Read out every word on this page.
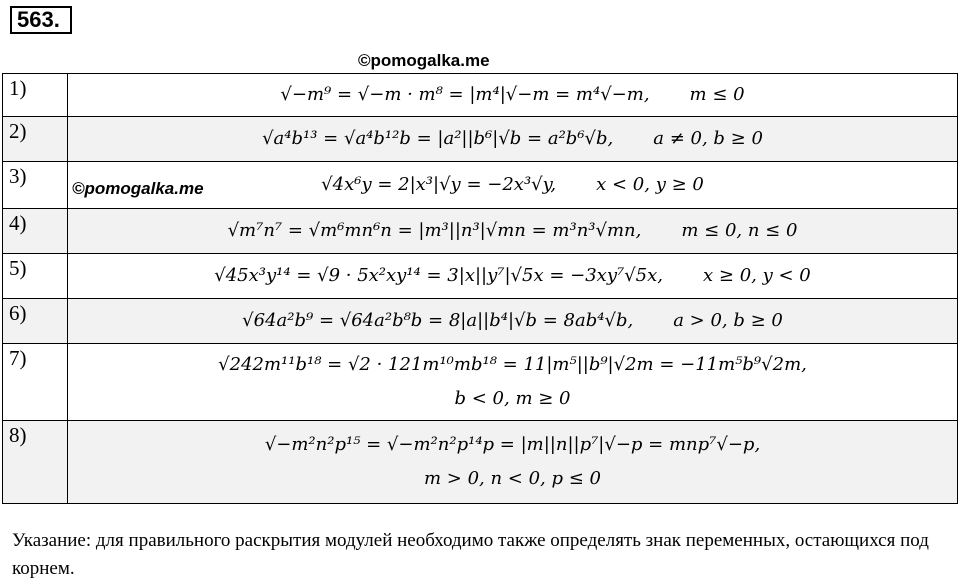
563.
©pomogalka.me
1)	√−m⁹ = √−m · m⁸ = |m⁴|√−m = m⁴√−m, m ≤ 0
2)	√a⁴b¹³ = √a⁴b¹²b = |a²||b⁶|√b = a²b⁶√b, a ≠ 0, b ≥ 0
3)	©pomogalka.me √4x⁶y = 2|x³|√y = −2x³√y, x < 0, y ≥ 0
4)	√m⁷n⁷ = √m⁶mn⁶n = |m³||n³|√mn = m³n³√mn, m ≤ 0, n ≤ 0
5)	√45x³y¹⁴ = √9 · 5x²xy¹⁴ = 3|x||y⁷|√5x = −3xy⁷√5x, x ≥ 0, y < 0
6)	√64a²b⁹ = √64a²b⁸b = 8|a||b⁴|√b = 8ab⁴√b, a > 0, b ≥ 0
7)	√242m¹¹b¹⁸ = √2 · 121m¹⁰mb¹⁸ = 11|m⁵||b⁹|√2m = −11m⁵b⁹√2m,
b < 0, m ≥ 0

8)	√−m²n²p¹⁵ = √−m²n²p¹⁴p = |m||n||p⁷|√−p = mnp⁷√−p,
m > 0, n < 0, p ≤ 0
Указание: для правильного раскрытия модулей необходимо также определять знак переменных, остающихся под корнем.
